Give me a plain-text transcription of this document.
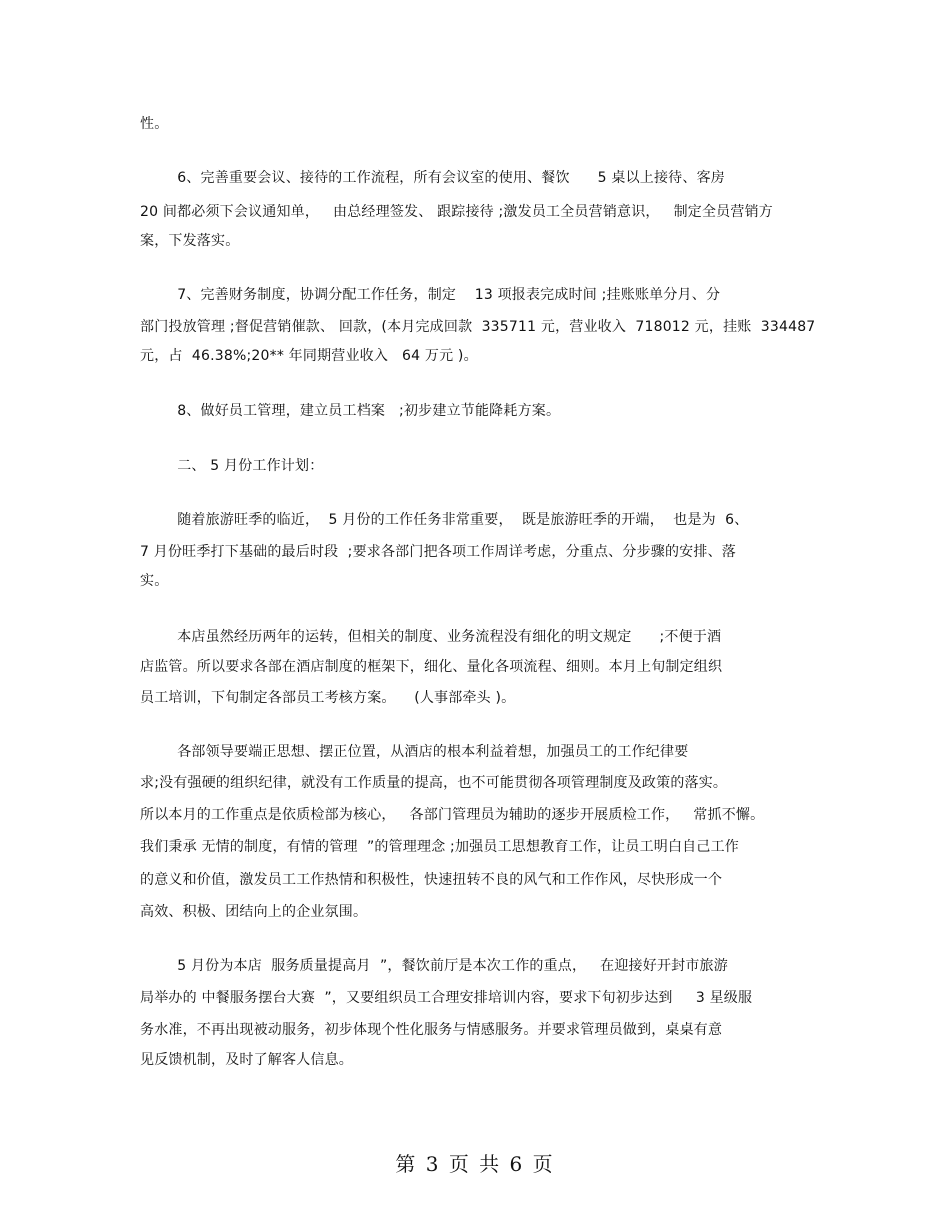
性。
6、完善重要会议、接待的工作流程，所有会议室的使用、餐饮      5 桌以上接待、客房
20 间都必须下会议通知单，   由总经理签发、 跟踪接待 ;激发员工全员营销意识，   制定全员营销方
案，下发落实。
7、完善财务制度，协调分配工作任务，制定    13 项报表完成时间 ;挂账账单分月、分
部门投放管理 ;督促营销催款、 回款，(本月完成回款  335711 元，营业收入  718012 元，挂账  334487
元，占  46.38%;20** 年同期营业收入   64 万元 )。
8、做好员工管理，建立员工档案   ;初步建立节能降耗方案。
二、 5 月份工作计划：
随着旅游旺季的临近，  5 月份的工作任务非常重要，  既是旅游旺季的开端，  也是为  6、
7 月份旺季打下基础的最后时段  ;要求各部门把各项工作周详考虑，分重点、分步骤的安排、落
实。
本店虽然经历两年的运转，但相关的制度、业务流程没有细化的明文规定      ;不便于酒
店监管。所以要求各部在酒店制度的框架下，细化、量化各项流程、细则。本月上旬制定组织
员工培训，下旬制定各部员工考核方案。    (人事部牵头 )。
各部领导要端正思想、摆正位置，从酒店的根本利益着想，加强员工的工作纪律要
求;没有强硬的组织纪律，就没有工作质量的提高，也不可能贯彻各项管理制度及政策的落实。
所以本月的工作重点是依质检部为核心，   各部门管理员为辅助的逐步开展质检工作，   常抓不懈。
我们秉承 无情的制度，有情的管理  ”的管理理念 ;加强员工思想教育工作，让员工明白自己工作
的意义和价值，激发员工工作热情和积极性，快速扭转不良的风气和工作作风，尽快形成一个
高效、积极、团结向上的企业氛围。
5 月份为本店  服务质量提高月  ”，餐饮前厅是本次工作的重点，   在迎接好开封市旅游
局举办的 中餐服务摆台大赛  ”，又要组织员工合理安排培训内容，要求下旬初步达到     3 星级服
务水准，不再出现被动服务，初步体现个性化服务与情感服务。并要求管理员做到，桌桌有意
见反馈机制，及时了解客人信息。
第 3 页 共 6 页
